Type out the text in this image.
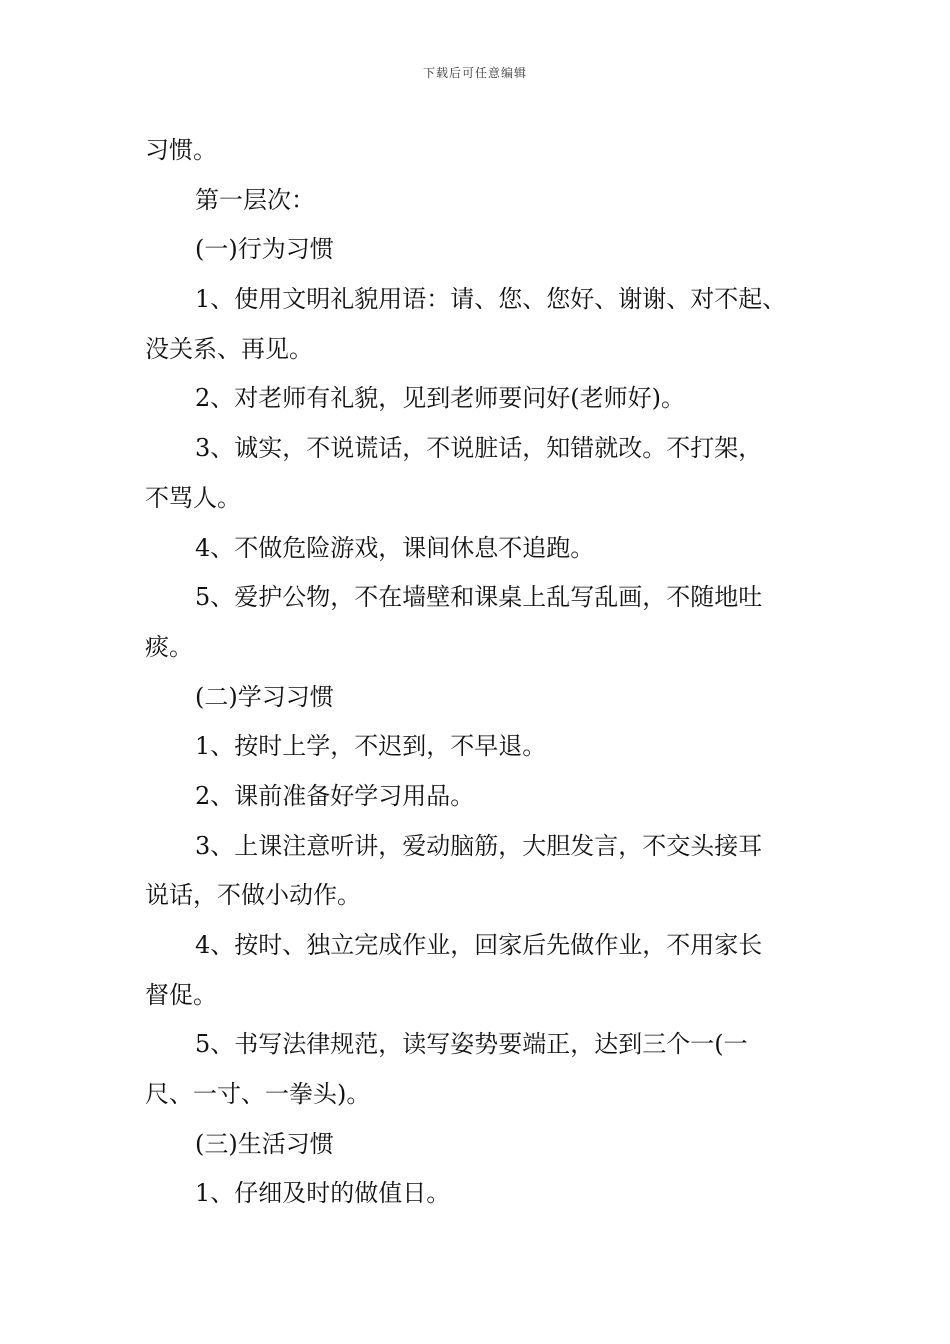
下载后可任意编辑
习惯。
第一层次：
(一)行为习惯
1、使用文明礼貌用语：请、您、您好、谢谢、对不起、
没关系、再见。
2、对老师有礼貌，见到老师要问好(老师好)。
3、诚实，不说谎话，不说脏话，知错就改。不打架，
不骂人。
4、不做危险游戏，课间休息不追跑。
5、爱护公物，不在墙壁和课桌上乱写乱画，不随地吐
痰。
(二)学习习惯
1、按时上学，不迟到，不早退。
2、课前准备好学习用品。
3、上课注意听讲，爱动脑筋，大胆发言，不交头接耳
说话，不做小动作。
4、按时、独立完成作业，回家后先做作业，不用家长
督促。
5、书写法律规范，读写姿势要端正，达到三个一(一
尺、一寸、一拳头)。
(三)生活习惯
1、仔细及时的做值日。
